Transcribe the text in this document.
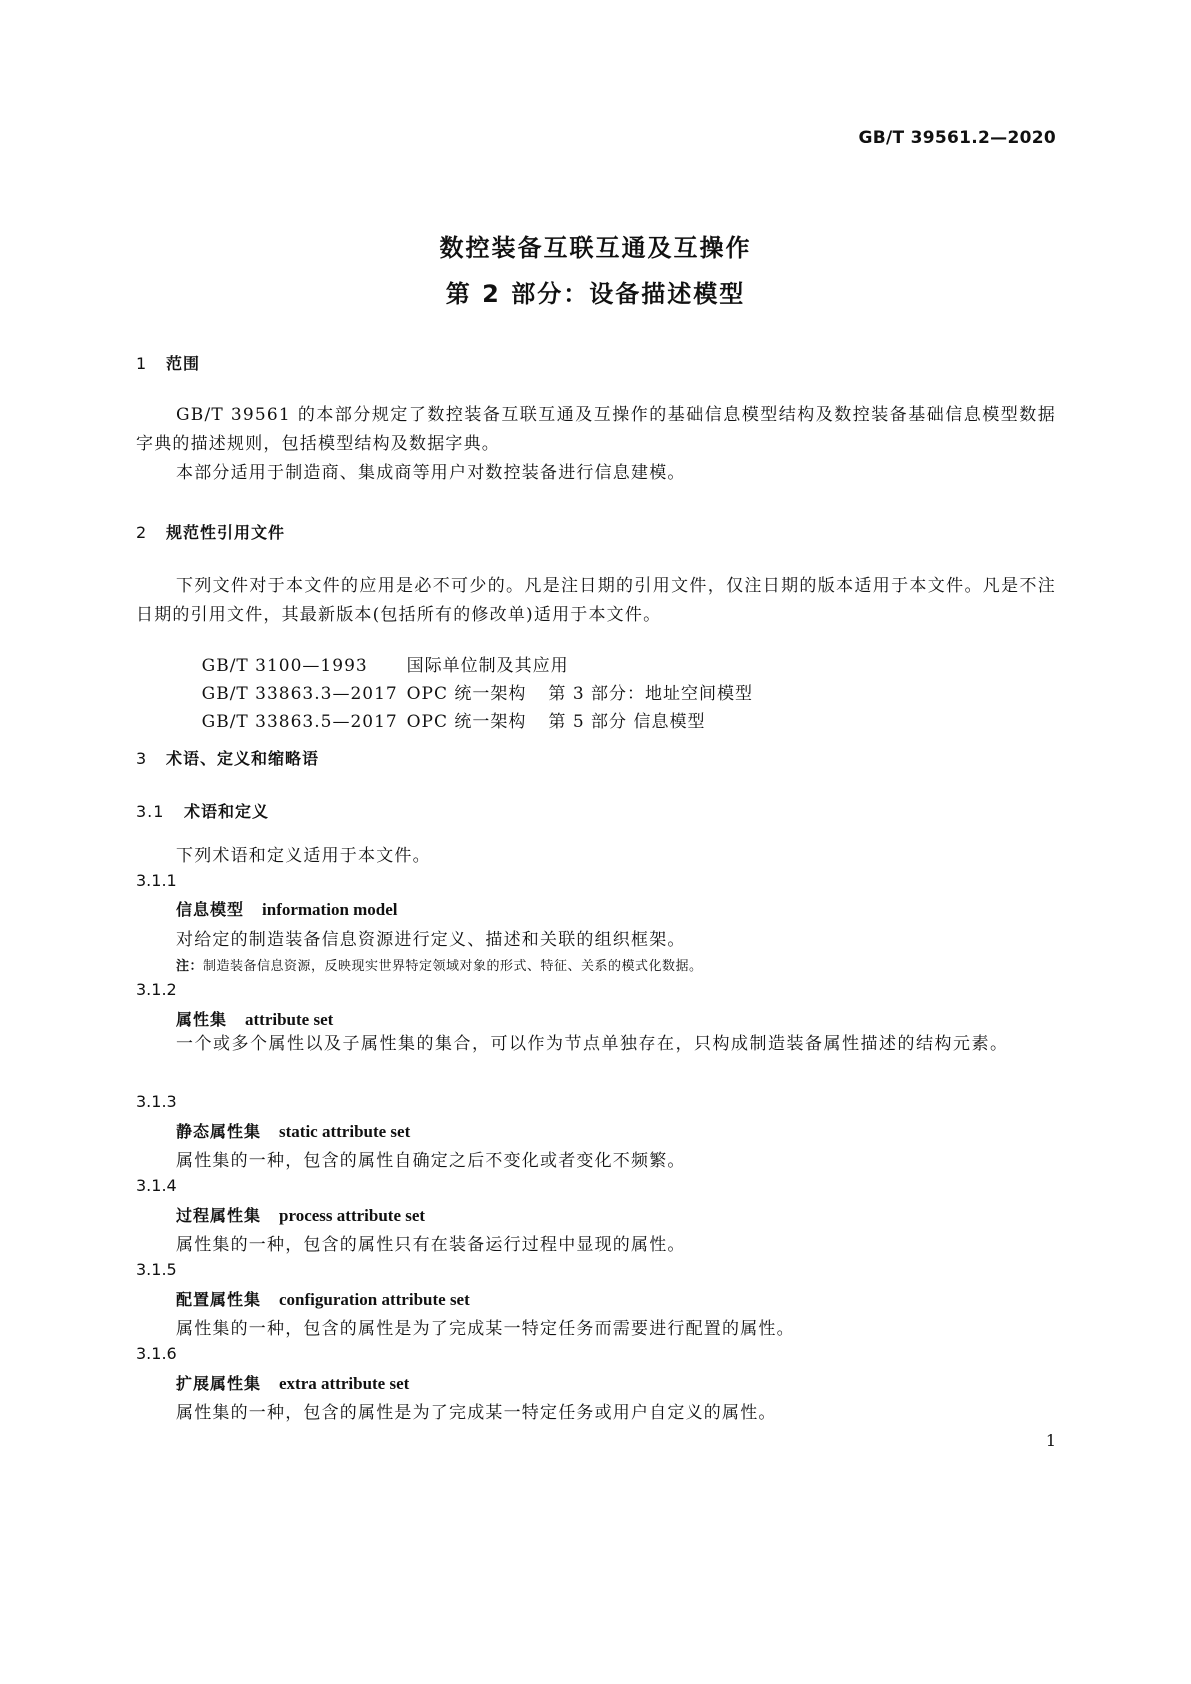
GB/T 39561.2—2020
数控装备互联互通及互操作
第 2 部分：设备描述模型
1 范围
GB/T 39561 的本部分规定了数控装备互联互通及互操作的基础信息模型结构及数控装备基础信息模型数据字典的描述规则，包括模型结构及数据字典。
本部分适用于制造商、集成商等用户对数控装备进行信息建模。
2 规范性引用文件
下列文件对于本文件的应用是必不可少的。凡是注日期的引用文件，仅注日期的版本适用于本文件。凡是不注日期的引用文件，其最新版本(包括所有的修改单)适用于本文件。

GB/T 3100—1993 国际单位制及其应用

GB/T 33863.3—2017 OPC 统一架构 第 3 部分：地址空间模型

GB/T 33863.5—2017 OPC 统一架构 第 5 部分 信息模型

3 术语、定义和缩略语
3.1 术语和定义
下列术语和定义适用于本文件。
3.1.1
信息模型 information model
对给定的制造装备信息资源进行定义、描述和关联的组织框架。
注：制造装备信息资源，反映现实世界特定领域对象的形式、特征、关系的模式化数据。
3.1.2
属性集 attribute set
一个或多个属性以及子属性集的集合，可以作为节点单独存在，只构成制造装备属性描述的结构元素。
3.1.3
静态属性集 static attribute set
属性集的一种，包含的属性自确定之后不变化或者变化不频繁。
3.1.4
过程属性集 process attribute set
属性集的一种，包含的属性只有在装备运行过程中显现的属性。
3.1.5
配置属性集 configuration attribute set
属性集的一种，包含的属性是为了完成某一特定任务而需要进行配置的属性。
3.1.6
扩展属性集 extra attribute set
属性集的一种，包含的属性是为了完成某一特定任务或用户自定义的属性。
1
